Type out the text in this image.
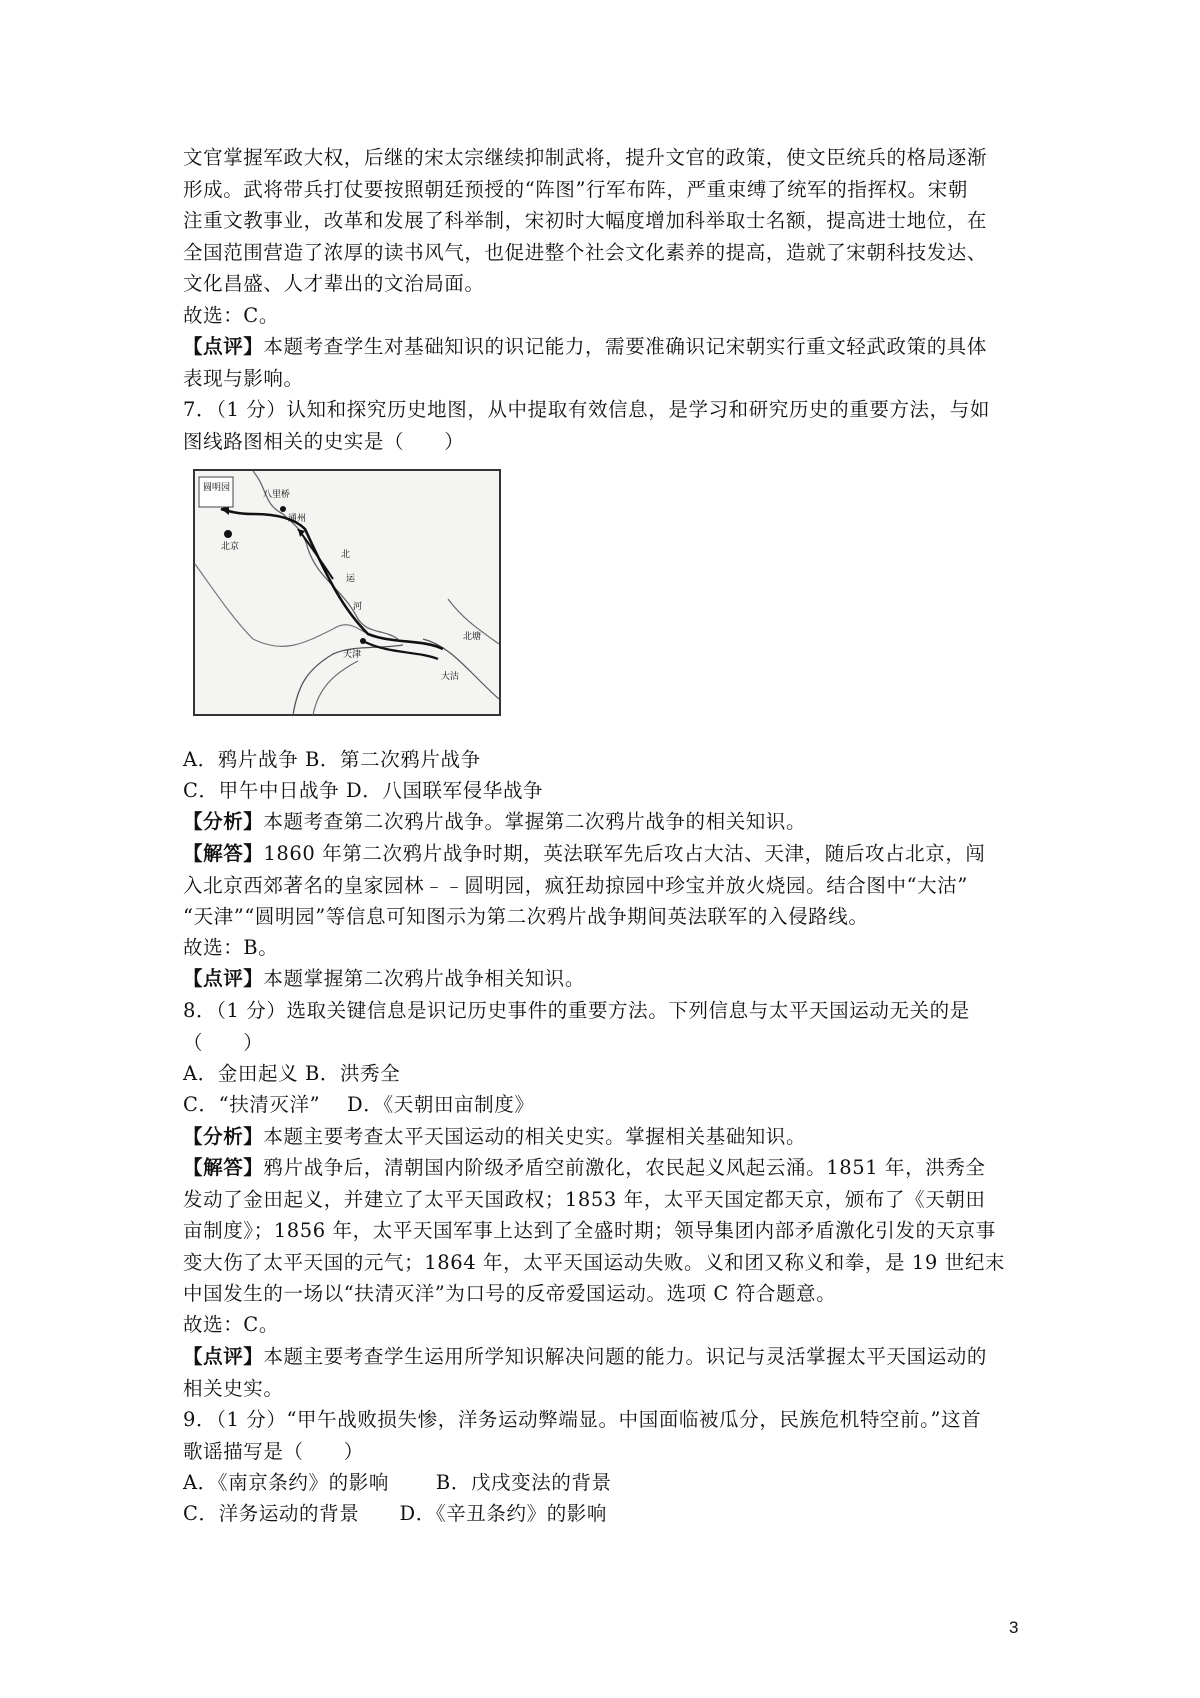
文官掌握军政大权，后继的宋太宗继续抑制武将，提升文官的政策，使文臣统兵的格局逐渐
形成。武将带兵打仗要按照朝廷预授的“阵图”行军布阵，严重束缚了统军的指挥权。宋朝
注重文教事业，改革和发展了科举制，宋初时大幅度增加科举取士名额，提高进士地位，在
全国范围营造了浓厚的读书风气，也促进整个社会文化素养的提高，造就了宋朝科技发达、
文化昌盛、人才辈出的文治局面。
故选：C。
【点评】本题考查学生对基础知识的识记能力，需要准确识记宋朝实行重文轻武政策的具体
表现与影响。
7．（1 分）认知和探究历史地图，从中提取有效信息，是学习和研究历史的重要方法，与如
图线路图相关的史实是（　　）
A．鸦片战争 B．第二次鸦片战争
C．甲午中日战争 D．八国联军侵华战争
【分析】本题考查第二次鸦片战争。掌握第二次鸦片战争的相关知识。
【解答】1860 年第二次鸦片战争时期，英法联军先后攻占大沽、天津，随后攻占北京，闯
入北京西郊著名的皇家园林﹣﹣圆明园，疯狂劫掠园中珍宝并放火烧园。结合图中“大沽”
“天津”“圆明园”等信息可知图示为第二次鸦片战争期间英法联军的入侵路线。
故选：B。
【点评】本题掌握第二次鸦片战争相关知识。
8．（1 分）选取关键信息是识记历史事件的重要方法。下列信息与太平天国运动无关的是
（　　）
A．金田起义 B．洪秀全
C．“扶清灭洋”　 D．《天朝田亩制度》
【分析】本题主要考查太平天国运动的相关史实。掌握相关基础知识。
【解答】鸦片战争后，清朝国内阶级矛盾空前激化，农民起义风起云涌。1851 年，洪秀全
发动了金田起义，并建立了太平天国政权；1853 年，太平天国定都天京，颁布了《天朝田
亩制度》；1856 年，太平天国军事上达到了全盛时期；领导集团内部矛盾激化引发的天京事
变大伤了太平天国的元气；1864 年，太平天国运动失败。义和团又称义和拳，是 19 世纪末
中国发生的一场以“扶清灭洋”为口号的反帝爱国运动。选项 C 符合题意。
故选：C。
【点评】本题主要考查学生运用所学知识解决问题的能力。识记与灵活掌握太平天国运动的
相关史实。
9．（1 分）“甲午战败损失惨，洋务运动弊端显。中国面临被瓜分，民族危机特空前。”这首
歌谣描写是（　　）
A．《南京条约》的影响　　 B．戊戌变法的背景
C．洋务运动的背景　　D．《辛丑条约》的影响
圆明园
北京
八里桥
通州
北
运
河
天津
北塘
大沽
3
